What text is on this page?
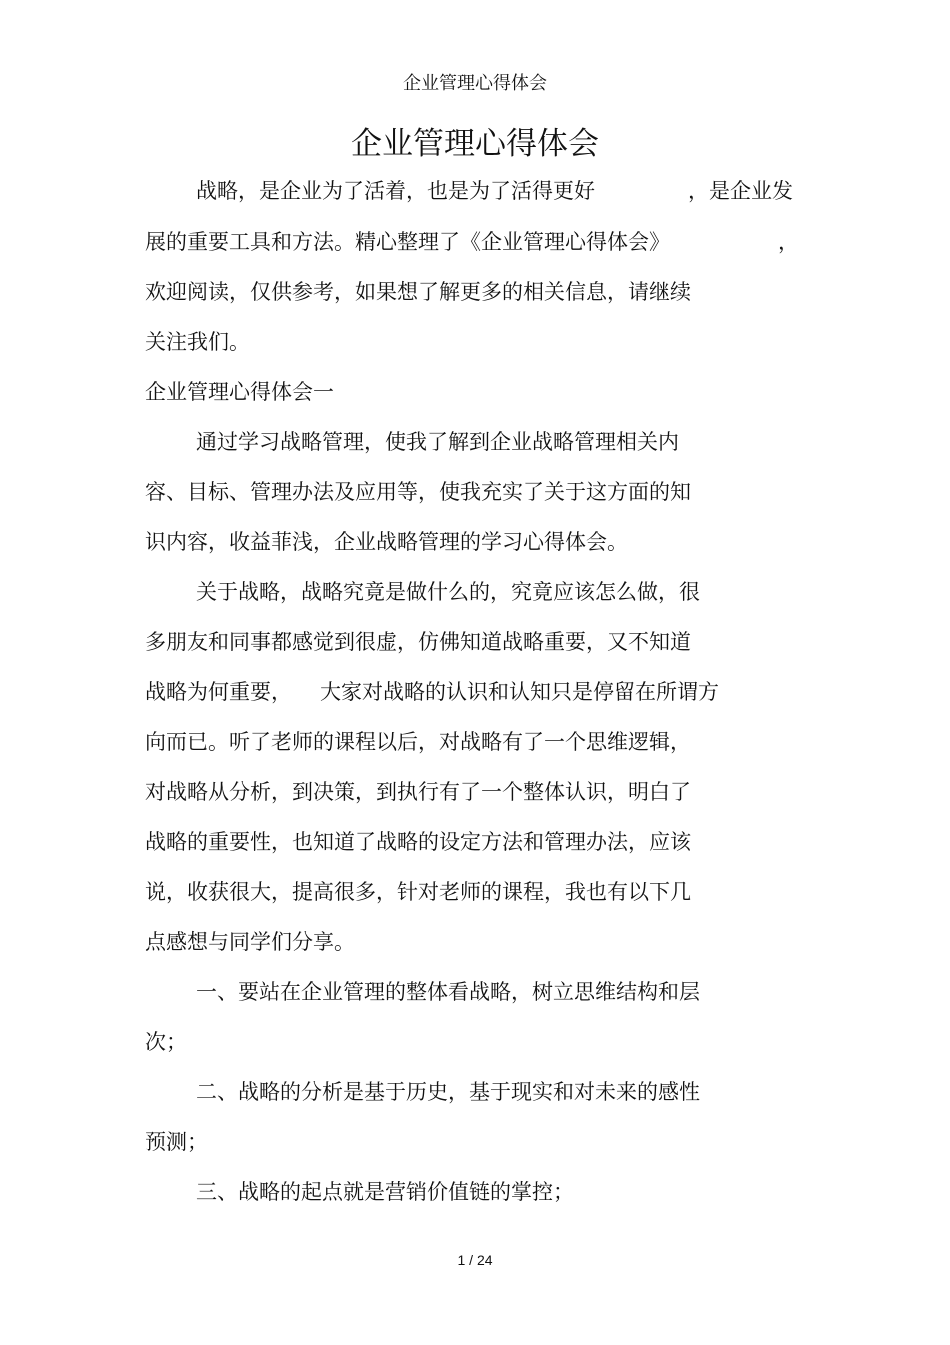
企业管理心得体会
企业管理心得体会
战略，是企业为了活着，也是为了活得更好	，是企业发
展的重要工具和方法。精心整理了《企业管理心得体会》	，
欢迎阅读，仅供参考，如果想了解更多的相关信息，请继续
关注我们。
企业管理心得体会一
通过学习战略管理，使我了解到企业战略管理相关内
容、目标、管理办法及应用等，使我充实了关于这方面的知
识内容，收益菲浅，企业战略管理的学习心得体会。
关于战略，战略究竟是做什么的，究竟应该怎么做，很
多朋友和同事都感觉到很虚，仿佛知道战略重要，又不知道
战略为何重要， 大家对战略的认识和认知只是停留在所谓方
向而已。听了老师的课程以后，对战略有了一个思维逻辑，
对战略从分析，到决策，到执行有了一个整体认识，明白了
战略的重要性，也知道了战略的设定方法和管理办法，应该
说，收获很大，提高很多，针对老师的课程，我也有以下几
点感想与同学们分享。
一、要站在企业管理的整体看战略，树立思维结构和层
次；
二、战略的分析是基于历史，基于现实和对未来的感性
预测；
三、战略的起点就是营销价值链的掌控；
1 / 24
